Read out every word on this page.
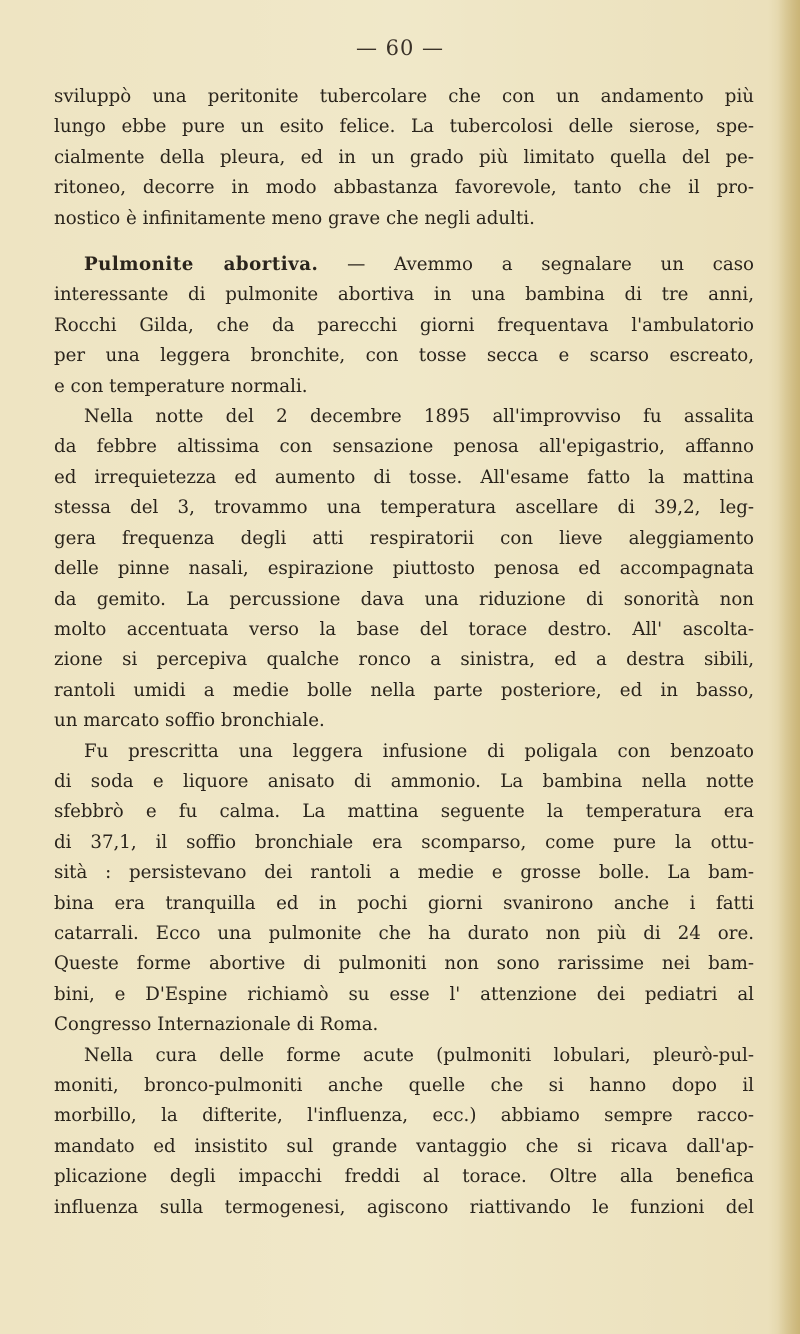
— 60 —

sviluppò una peritonite tubercolare che con un andamento più

lungo ebbe pure un esito felice. La tubercolosi delle sierose, spe-

cialmente della pleura, ed in un grado più limitato quella del pe-

ritoneo, decorre in modo abbastanza favorevole, tanto che il pro-

nostico è infinitamente meno grave che negli adulti.

Pulmonite abortiva. — Avemmo a segnalare un caso

interessante di pulmonite abortiva in una bambina di tre anni,

Rocchi Gilda, che da parecchi giorni frequentava l'ambulatorio

per una leggera bronchite, con tosse secca e scarso escreato,

e con temperature normali.

Nella notte del 2 decembre 1895 all'improvviso fu assalita

da febbre altissima con sensazione penosa all'epigastrio, affanno

ed irrequietezza ed aumento di tosse. All'esame fatto la mattina

stessa del 3, trovammo una temperatura ascellare di 39,2, leg-

gera frequenza degli atti respiratorii con lieve aleggiamento

delle pinne nasali, espirazione piuttosto penosa ed accompagnata

da gemito. La percussione dava una riduzione di sonorità non

molto accentuata verso la base del torace destro. All' ascolta-

zione si percepiva qualche ronco a sinistra, ed a destra sibili,

rantoli umidi a medie bolle nella parte posteriore, ed in basso,

un marcato soffio bronchiale.

Fu prescritta una leggera infusione di poligala con benzoato

di soda e liquore anisato di ammonio. La bambina nella notte

sfebbrò e fu calma. La mattina seguente la temperatura era

di 37,1, il soffio bronchiale era scomparso, come pure la ottu-

sità : persistevano dei rantoli a medie e grosse bolle. La bam-

bina era tranquilla ed in pochi giorni svanirono anche i fatti

catarrali. Ecco una pulmonite che ha durato non più di 24 ore.

Queste forme abortive di pulmoniti non sono rarissime nei bam-

bini, e D'Espine richiamò su esse l' attenzione dei pediatri al

Congresso Internazionale di Roma.

Nella cura delle forme acute (pulmoniti lobulari, pleurò-pul-

moniti, bronco-pulmoniti anche quelle che si hanno dopo il

morbillo, la difterite, l'influenza, ecc.) abbiamo sempre racco-

mandato ed insistito sul grande vantaggio che si ricava dall'ap-

plicazione degli impacchi freddi al torace. Oltre alla benefica

influenza sulla termogenesi, agiscono riattivando le funzioni del
